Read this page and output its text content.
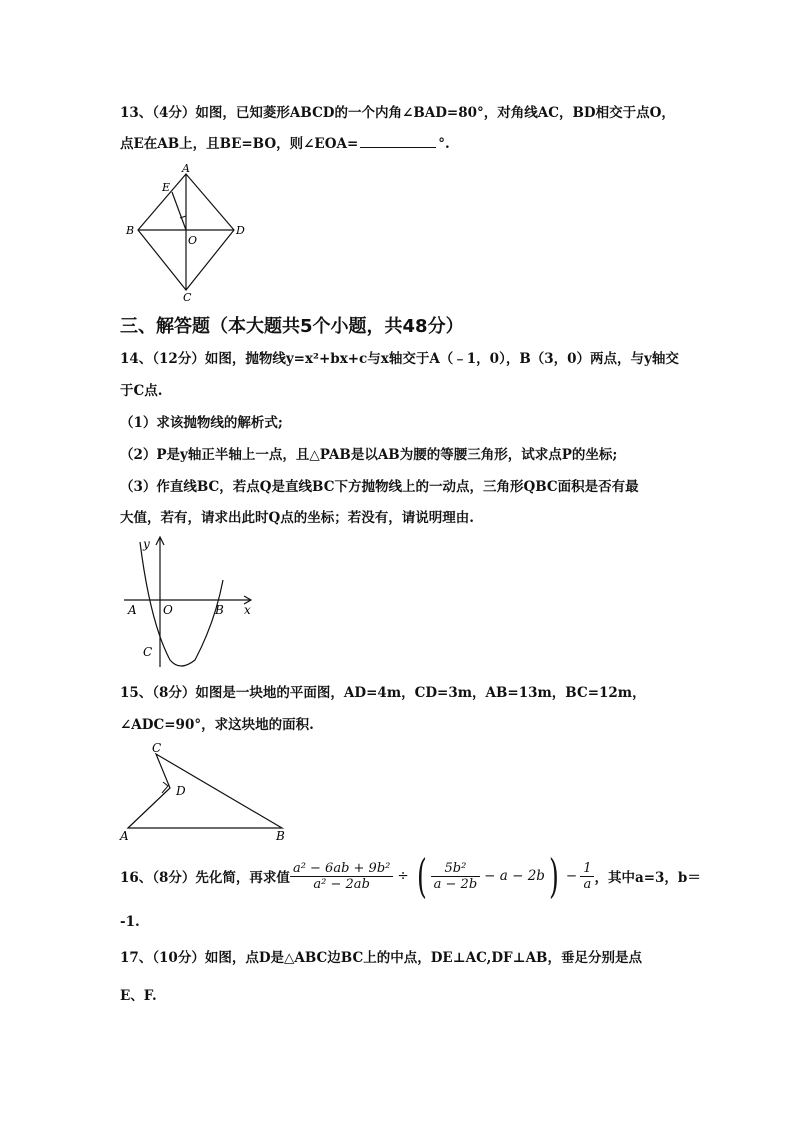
13、（4分）如图，已知菱形ABCD的一个内角∠BAD=80°，对角线AC，BD相交于点O，
点E在AB上，且BE=BO，则∠EOA=	°.
A
E
B
O
D
C
三、解答题（本大题共5个小题，共48分）
14、（12分）如图，抛物线y=x²+bx+c与x轴交于A（﹣1，0），B（3，0）两点，与y轴交
于C点.
（1）求该抛物线的解析式;
（2）P是y轴正半轴上一点，且△PAB是以AB为腰的等腰三角形，试求点P的坐标;
（3）作直线BC，若点Q是直线BC下方抛物线上的一动点，三角形QBC面积是否有最
大值，若有，请求出此时Q点的坐标；若没有，请说明理由.
y
A O	B x
C
15、（8分）如图是一块地的平面图，AD=4m，CD=3m，AB=13m，BC=12m，
∠ADC=90°，求这块地的面积.
C
D
A	B
16、（8分）先化简，再求值 $\frac{\text{a² − 6ab + 9b²}}{\text{a² − 2ab}}$ ÷ ( $\frac{\text{5b²}}{a - 2b} - a - 2b$ ) − $\frac{1}{a}$ ，其中a=3，b＝
-1.
17、（10分）如图，点D是△ABC边BC上的中点，DE⊥AC,DF⊥AB，垂足分别是点
E、F.
